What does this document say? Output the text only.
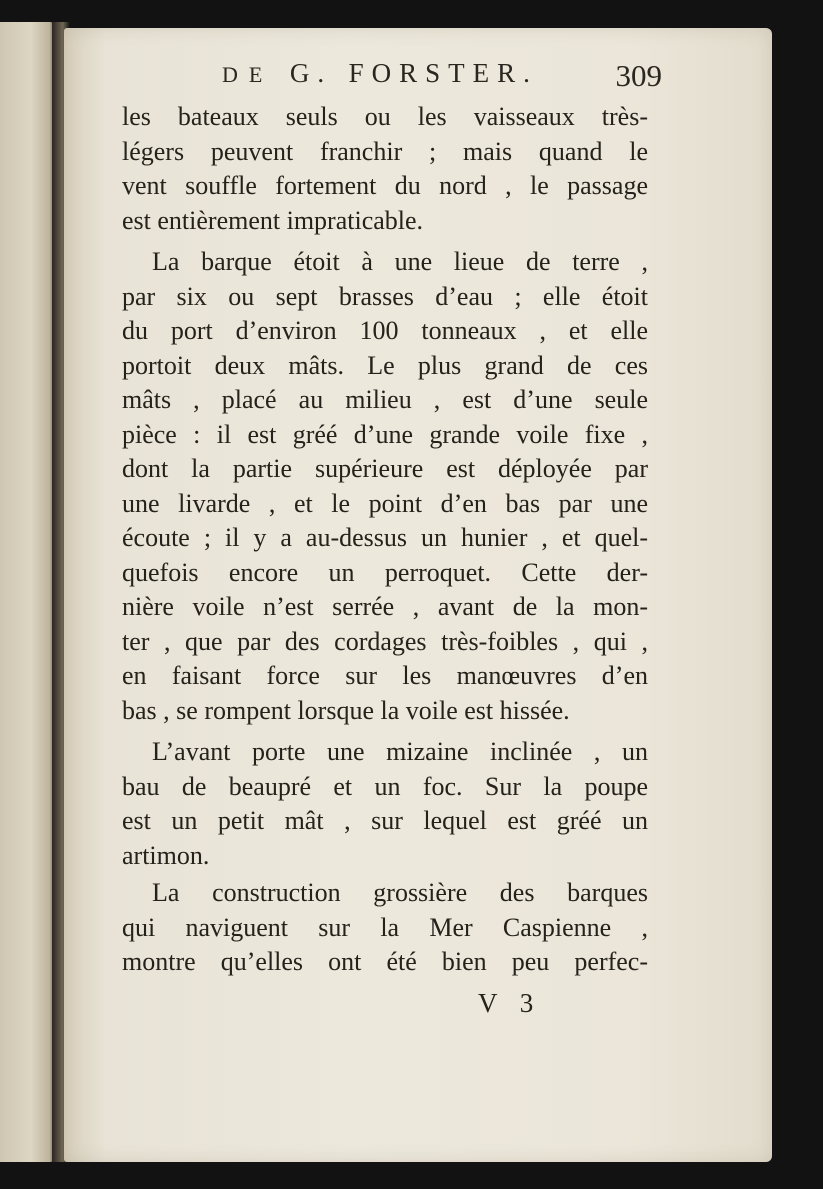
DE G. FORSTER.	309
les bateaux seuls ou les vaisseaux très-
légers peuvent franchir ; mais quand le
vent souffle fortement du nord , le passage
est entièrement impraticable.
La barque étoit à une lieue de terre ,
par six ou sept brasses d’eau ; elle étoit
du port d’environ 100 tonneaux , et elle
portoit deux mâts. Le plus grand de ces
mâts , placé au milieu , est d’une seule
pièce : il est gréé d’une grande voile fixe ,
dont la partie supérieure est déployée par
une livarde , et le point d’en bas par une
écoute ; il y a au-dessus un hunier , et quel-
quefois encore un perroquet. Cette der-
nière voile n’est serrée , avant de la mon-
ter , que par des cordages très-foibles , qui ,
en faisant force sur les manœuvres d’en
bas , se rompent lorsque la voile est hissée.
L’avant porte une mizaine inclinée , un
bau de beaupré et un foc. Sur la poupe
est un petit mât , sur lequel est gréé un
artimon.
La construction grossière des barques
qui naviguent sur la Mer Caspienne ,
montre qu’elles ont été bien peu perfec-
V 3
